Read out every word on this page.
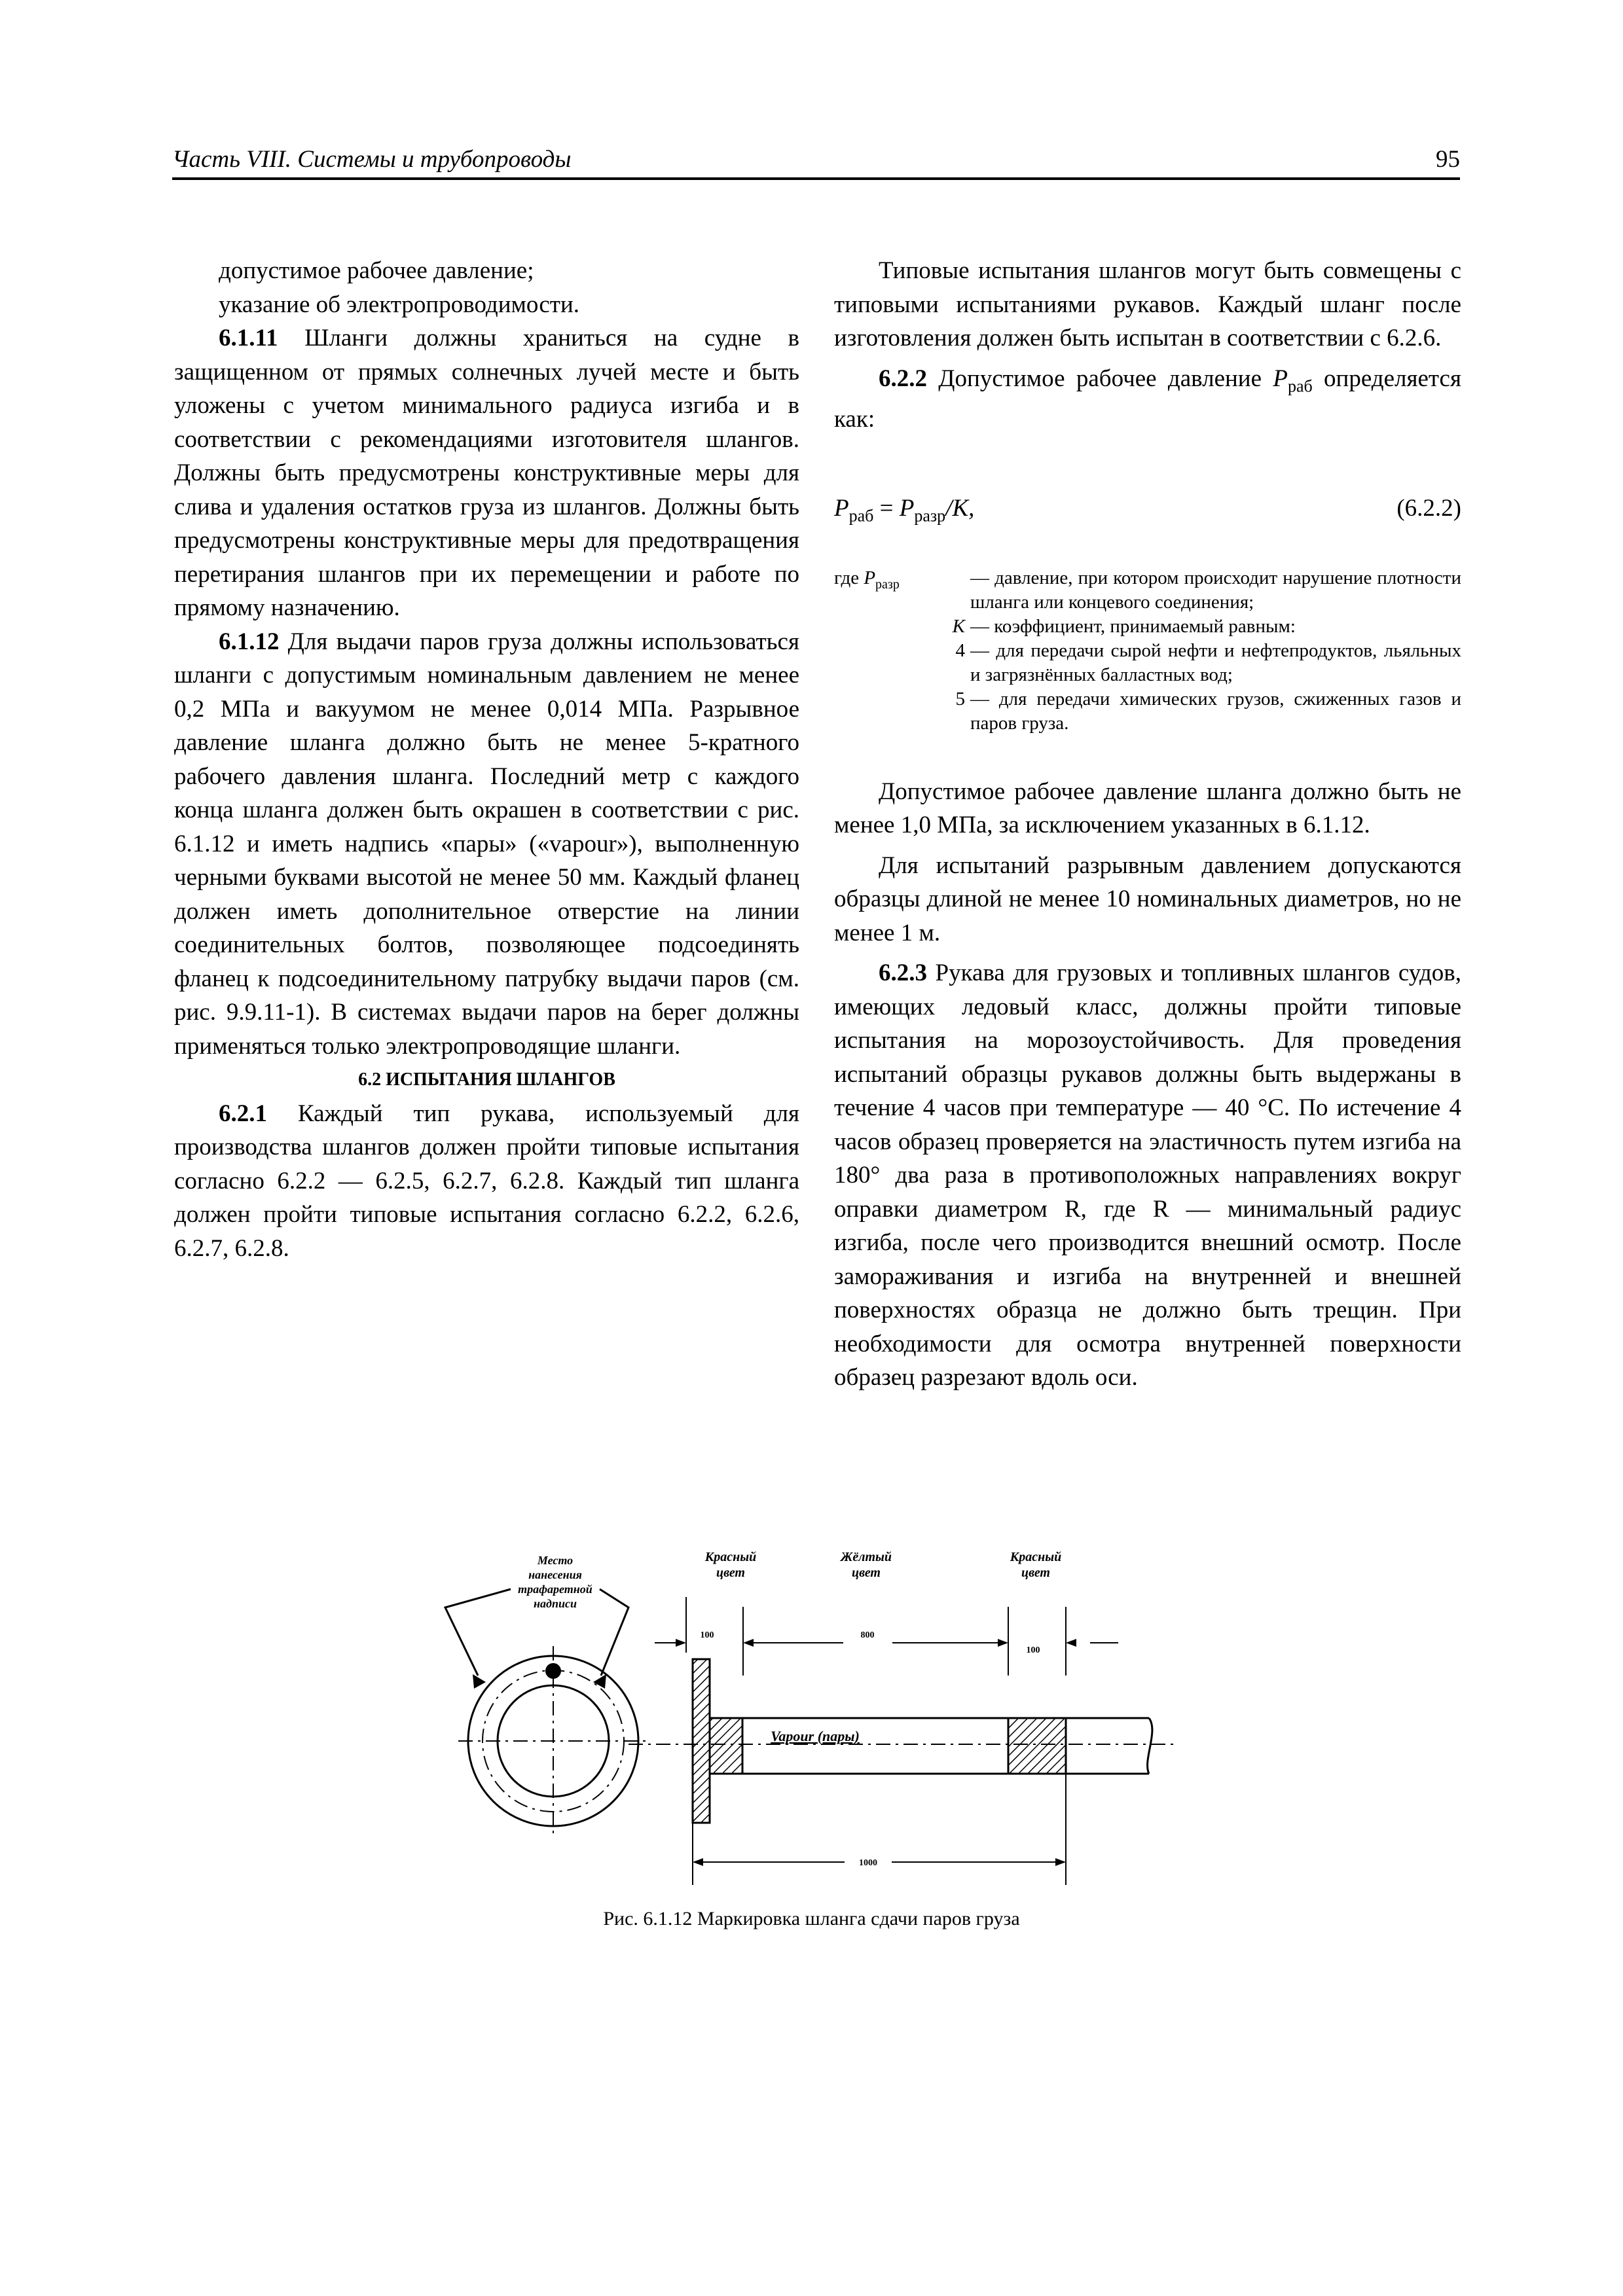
Часть VIII. Системы и трубопроводы	95

допустимое рабочее давление;

указание об электропроводимости.

6.1.11 Шланги должны храниться на судне в защищенном от прямых солнечных лучей месте и быть уложены с учетом минимального радиуса изгиба и в соответствии с рекомендациями изготовителя шлангов. Должны быть предусмотрены конструктивные меры для слива и удаления остатков груза из шлангов. Должны быть предусмотрены конструктивные меры для предотвращения перетирания шлангов при их перемещении и работе по прямому назначению.

6.1.12 Для выдачи паров груза должны использоваться шланги с допустимым номинальным давлением не менее 0,2 МПа и вакуумом не менее 0,014 МПа. Разрывное давление шланга должно быть не менее 5-кратного рабочего давления шланга. Последний метр с каждого конца шланга должен быть окрашен в соответствии с рис. 6.1.12 и иметь надпись «пары» («vapour»), выполненную черными буквами высотой не менее 50 мм. Каждый фланец должен иметь дополнительное отверстие на линии соединительных болтов, позволяющее подсоединять фланец к подсоединительному патрубку выдачи паров (см. рис. 9.9.11-1). В системах выдачи паров на берег должны применяться только электропроводящие шланги.

6.2 ИСПЫТАНИЯ ШЛАНГОВ

6.2.1 Каждый тип рукава, используемый для производства шлангов должен пройти типовые испытания согласно 6.2.2 — 6.2.5, 6.2.7, 6.2.8. Каждый тип шланга должен пройти типовые испытания согласно 6.2.2, 6.2.6, 6.2.7, 6.2.8.

Типовые испытания шлангов могут быть совмещены с типовыми испытаниями рукавов. Каждый шланг после изготовления должен быть испытан в соответствии с 6.2.6.

6.2.2 Допустимое рабочее давление $P_{раб}$ определяется как:

$P_{раб} = P_{разр}/K$,	(6.2.2)
где $P_{разр}$	— давление, при котором происходит нарушение плотности шланга или концевого соединения;
K — коэффициент, принимаемый равным:
4 — для передачи сырой нефти и нефтепродуктов, льяльных и загрязнённых балластных вод;
5 — для передачи химических грузов, сжиженных газов и паров груза.

Допустимое рабочее давление шланга должно быть не менее 1,0 МПа, за исключением указанных в 6.1.12.

Для испытаний разрывным давлением допускаются образцы длиной не менее 10 номинальных диаметров, но не менее 1 м.

6.2.3 Рукава для грузовых и топливных шлангов судов, имеющих ледовый класс, должны пройти типовые испытания на морозоустойчивость. Для проведения испытаний образцы рукавов должны быть выдержаны в течение 4 часов при температуре — 40 °C. По истечение 4 часов образец проверяется на эластичность путем изгиба на 180° два раза в противоположных направлениях вокруг оправки диаметром R, где R — минимальный радиус изгиба, после чего производится внешний осмотр. После замораживания и изгиба на внутренней и внешней поверхностях образца не должно быть трещин. При необходимости для осмотра внутренней поверхности образец разрезают вдоль оси.

Место
нанесения
трафаретной
надписи
Красный
цвет
Жёлтый
цвет
Красный
цвет
100	800
100
Vapour (пары)
1000
Рис. 6.1.12 Маркировка шланга сдачи паров груза
